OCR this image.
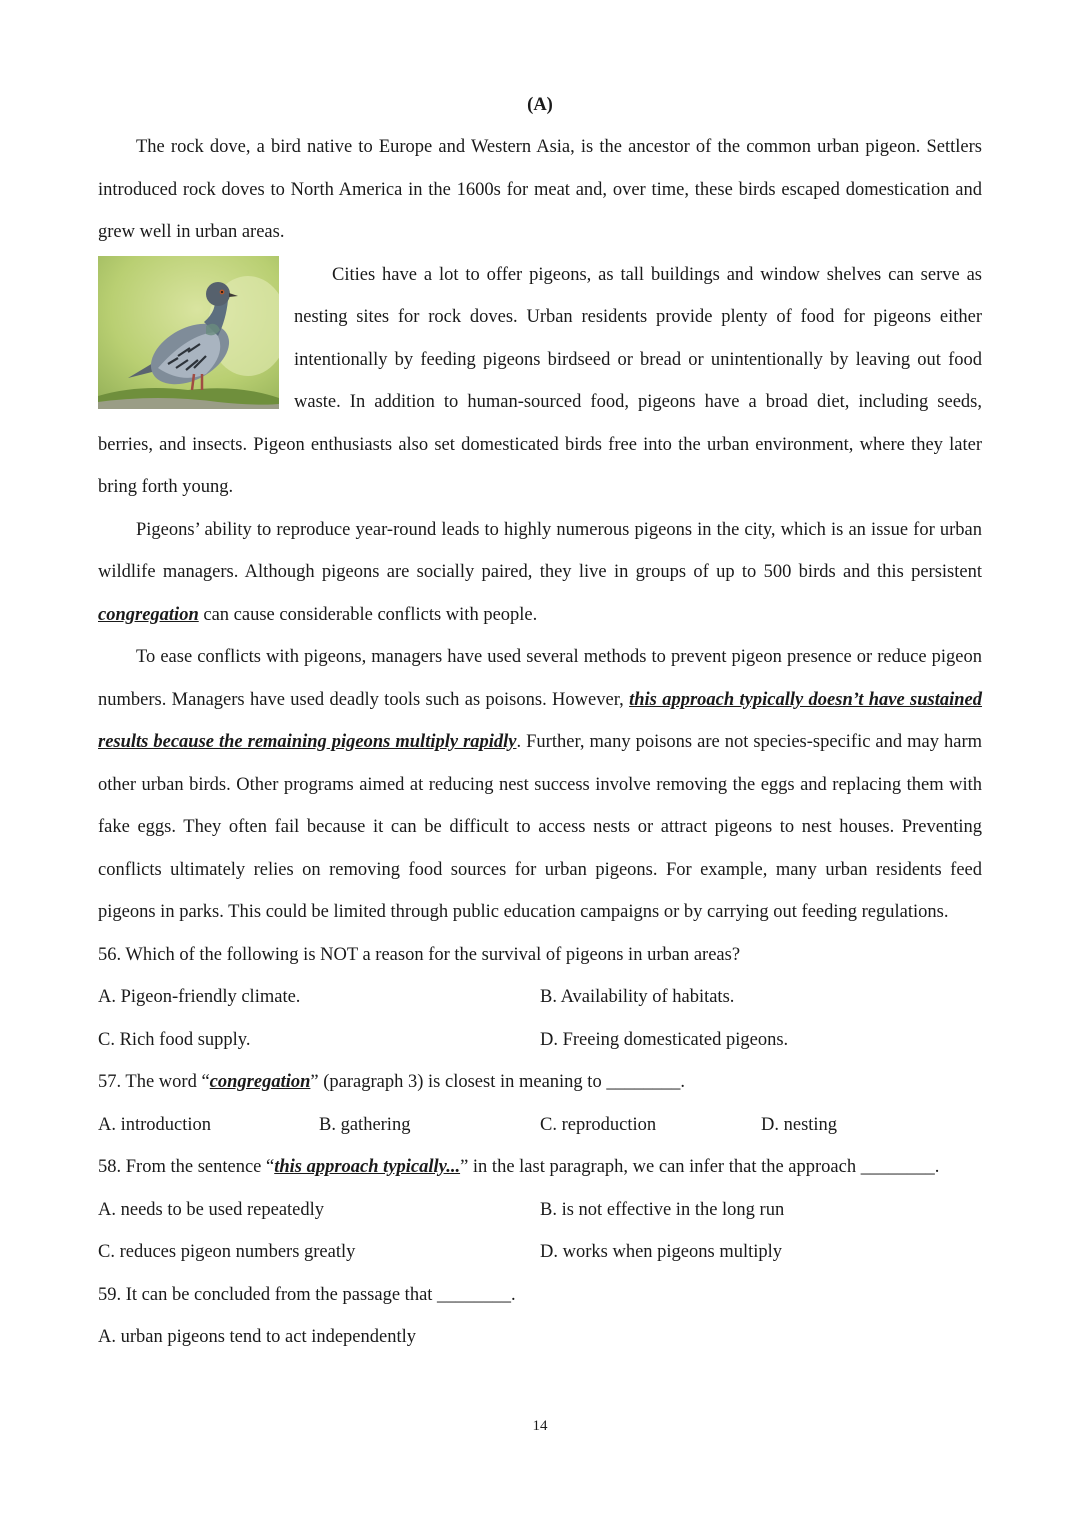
(A)

The rock dove, a bird native to Europe and Western Asia, is the ancestor of the common urban pigeon. Settlers introduced rock doves to North America in the 1600s for meat and, over time, these birds escaped domestication and grew well in urban areas.

Cities have a lot to offer pigeons, as tall buildings and window shelves can serve as nesting sites for rock doves. Urban residents provide plenty of food for pigeons either intentionally by feeding pigeons birdseed or bread or unintentionally by leaving out food waste. In addition to human-sourced food, pigeons have a broad diet, including seeds, berries, and insects. Pigeon enthusiasts also set domesticated birds free into the urban environment, where they later bring forth young.

Pigeons’ ability to reproduce year-round leads to highly numerous pigeons in the city, which is an issue for urban wildlife managers. Although pigeons are socially paired, they live in groups of up to 500 birds and this persistent congregation can cause considerable conflicts with people.

To ease conflicts with pigeons, managers have used several methods to prevent pigeon presence or reduce pigeon numbers. Managers have used deadly tools such as poisons. However, this approach typically doesn’t have sustained results because the remaining pigeons multiply rapidly. Further, many poisons are not species-specific and may harm other urban birds. Other programs aimed at reducing nest success involve removing the eggs and replacing them with fake eggs. They often fail because it can be difficult to access nests or attract pigeons to nest houses. Preventing conflicts ultimately relies on removing food sources for urban pigeons. For example, many urban residents feed pigeons in parks. This could be limited through public education campaigns or by carrying out feeding regulations.

56. Which of the following is NOT a reason for the survival of pigeons in urban areas?
A. Pigeon-friendly climate.	B. Availability of habitats.
C. Rich food supply.	D. Freeing domesticated pigeons.
57. The word “congregation” (paragraph 3) is closest in meaning to ________.
A. introduction	B. gathering	C. reproduction	D. nesting
58. From the sentence “this approach typically...” in the last paragraph, we can infer that the approach ________.
A. needs to be used repeatedly	B. is not effective in the long run
C. reduces pigeon numbers greatly	D. works when pigeons multiply
59. It can be concluded from the passage that ________.
A. urban pigeons tend to act independently
14
